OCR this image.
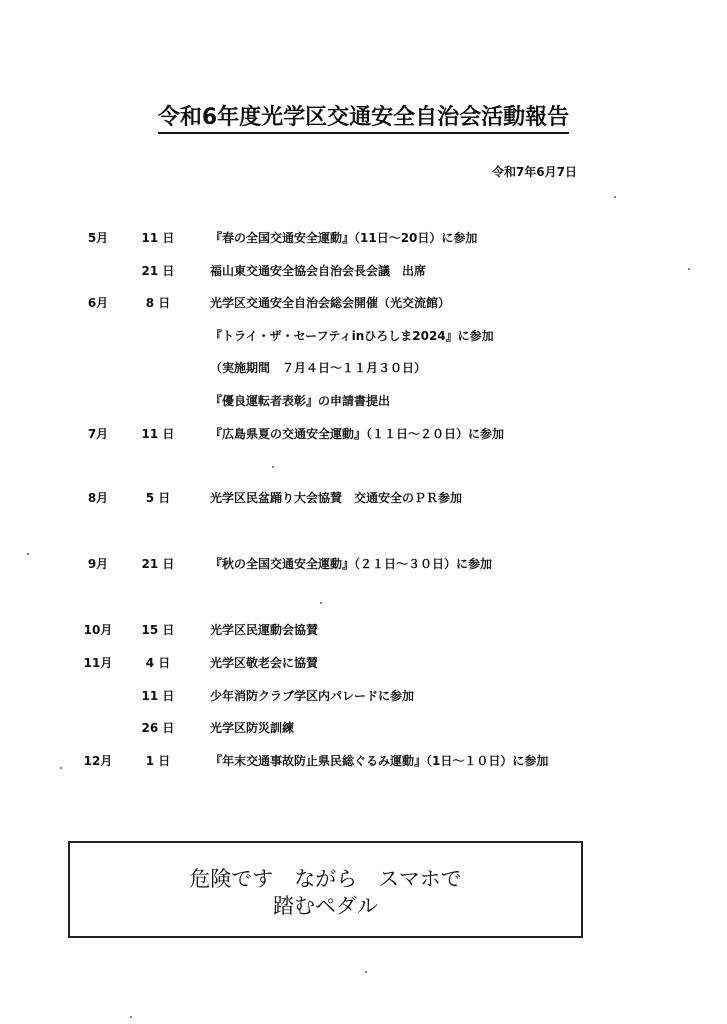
令和6年度光学区交通安全自治会活動報告
令和7年6月7日
5月	11 日	『春の全国交通安全運動』（11日～20日）に参加
21 日	福山東交通安全協会自治会長会議　出席
6月	8 日	光学区交通安全自治会総会開催（光交流館）
『トライ・ザ・セーフティinひろしま2024』に参加
（実施期間　７月４日～１１月３０日）
『優良運転者表彰』の申請書提出
7月	11 日	『広島県夏の交通安全運動』（１１日～２０日）に参加
8月	5 日	光学区民盆踊り大会協賛　交通安全のＰＲ参加
9月	21 日	『秋の全国交通安全運動』（２１日～３０日）に参加
10月	15 日	光学区民運動会協賛
11月	4 日	光学区敬老会に協賛
11 日	少年消防クラブ学区内パレードに参加
26 日	光学区防災訓練
12月	1 日	『年末交通事故防止県民総ぐるみ運動』（1日～１０日）に参加
危険です　ながら　スマホで
踏むペダル
